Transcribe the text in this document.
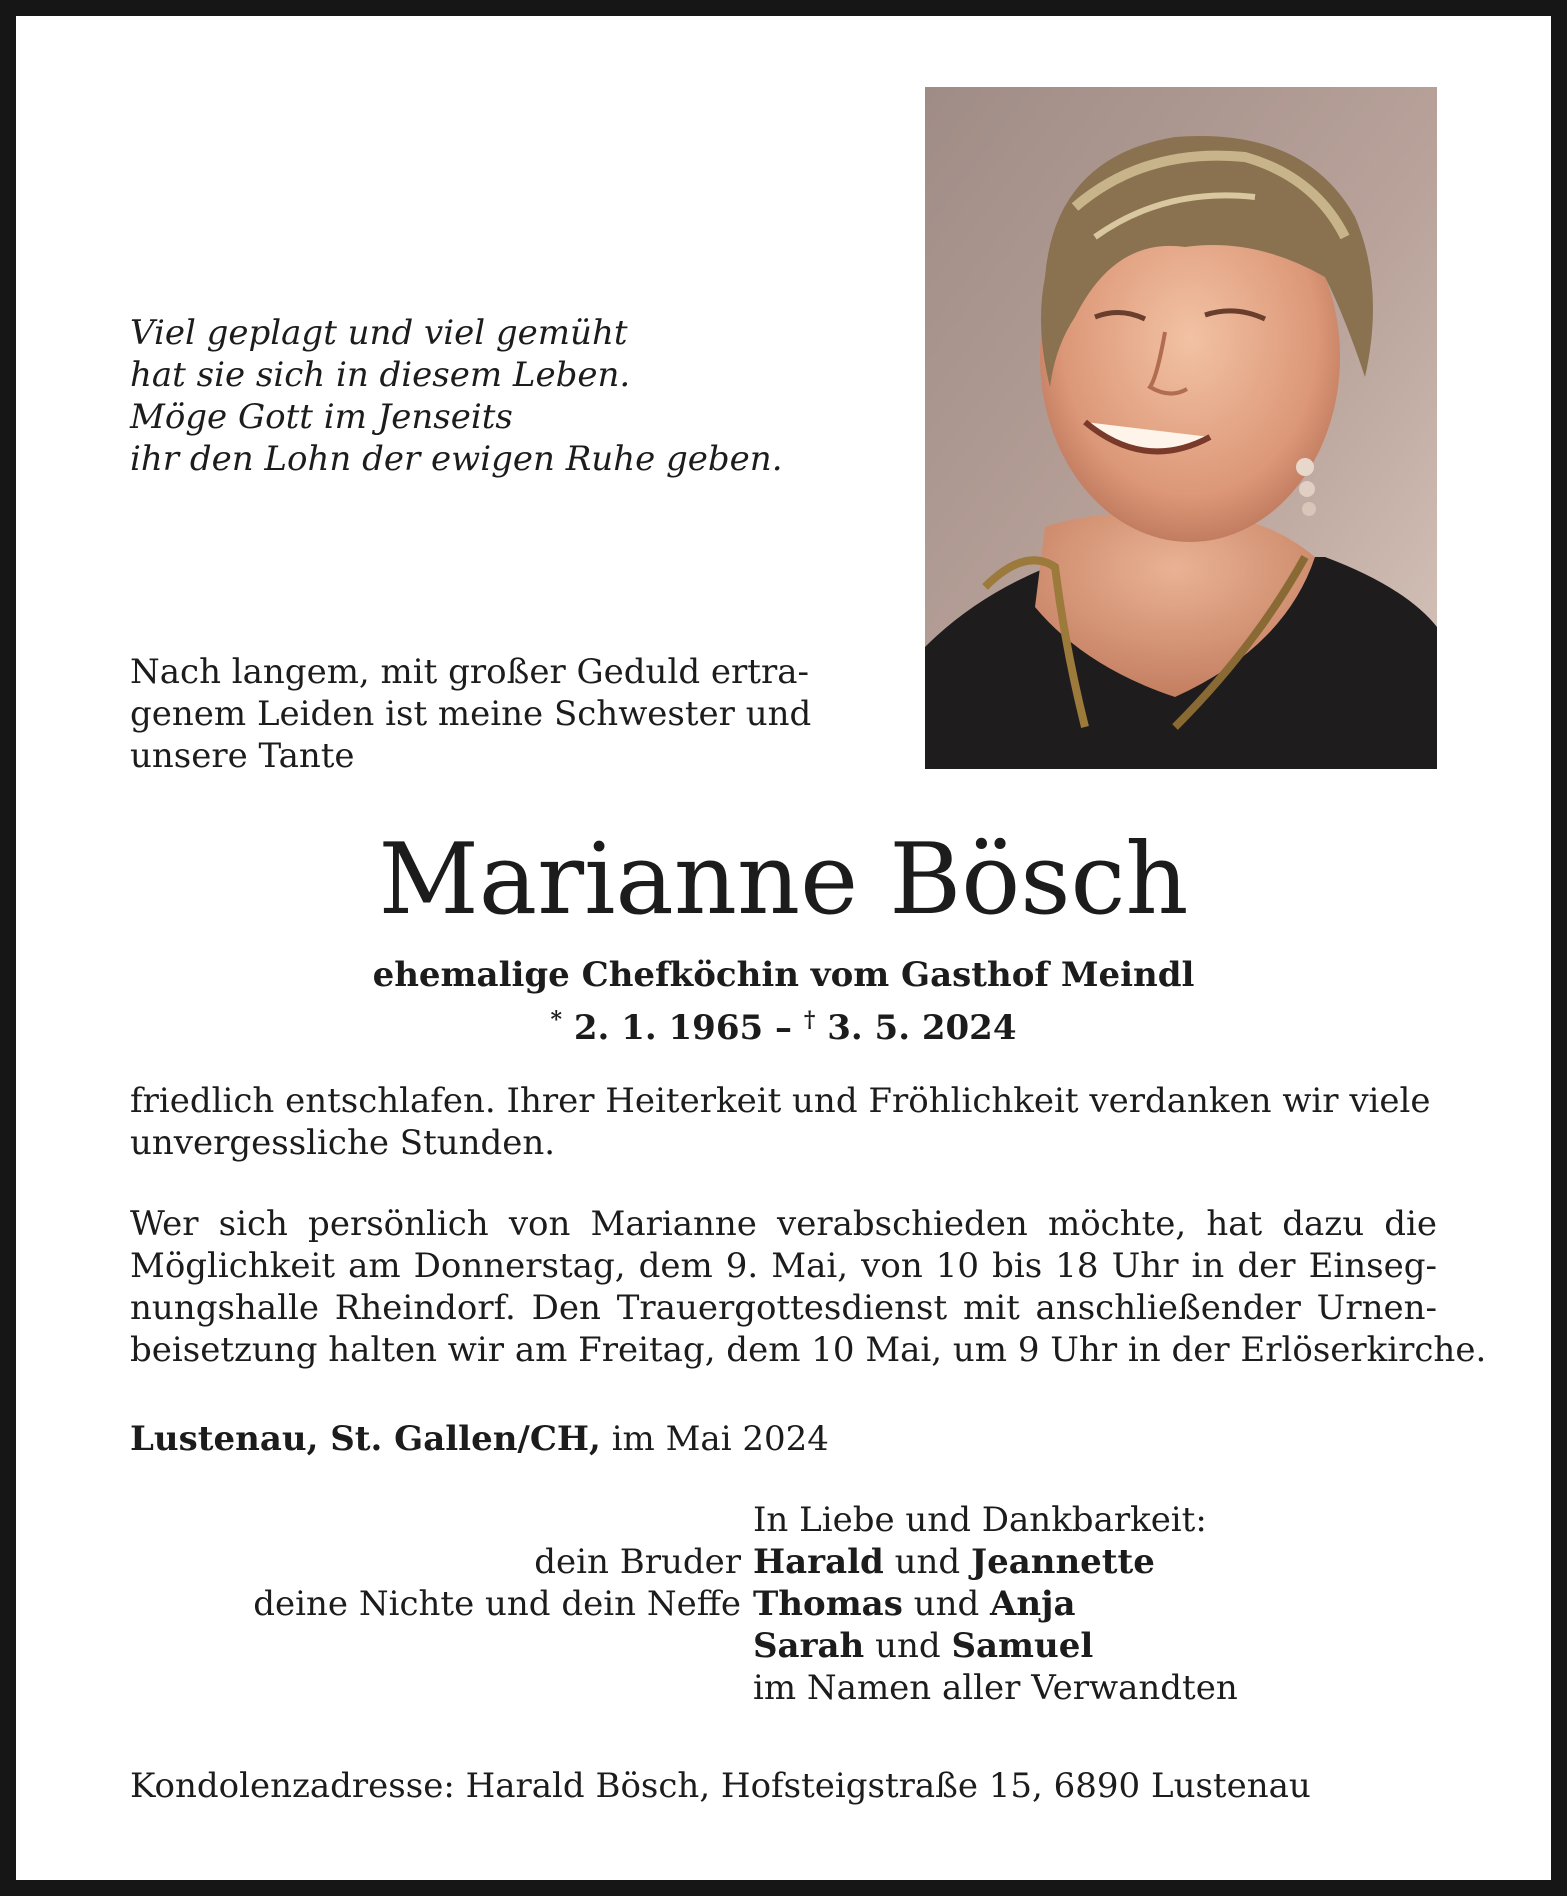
Viel geplagt und viel gemüht
hat sie sich in diesem Leben.
Möge Gott im Jenseits
ihr den Lohn der ewigen Ruhe geben.
Nach langem, mit großer Geduld ertra-
genem Leiden ist meine Schwester und
unsere Tante
Marianne Bösch
ehemalige Chefköchin vom Gasthof Meindl
* 2. 1. 1965 – † 3. 5. 2024
friedlich entschlafen. Ihrer Heiterkeit und Fröhlichkeit verdanken wir viele
unvergessliche Stunden.
Wer sich persönlich von Marianne verabschieden möchte, hat dazu die
Möglichkeit am Donnerstag, dem 9. Mai, von 10 bis 18 Uhr in der Einseg-
nungshalle Rheindorf. Den Trauergottesdienst mit anschließender Urnen-
beisetzung halten wir am Freitag, dem 10 Mai, um 9 Uhr in der Erlöserkirche.
Lustenau, St. Gallen/CH, im Mai 2024
In Liebe und Dankbarkeit:
dein Bruder Harald und Jeannette
deine Nichte und dein Neffe Thomas und Anja
Sarah und Samuel
im Namen aller Verwandten
Kondolenzadresse: Harald Bösch, Hofsteigstraße 15, 6890 Lustenau
